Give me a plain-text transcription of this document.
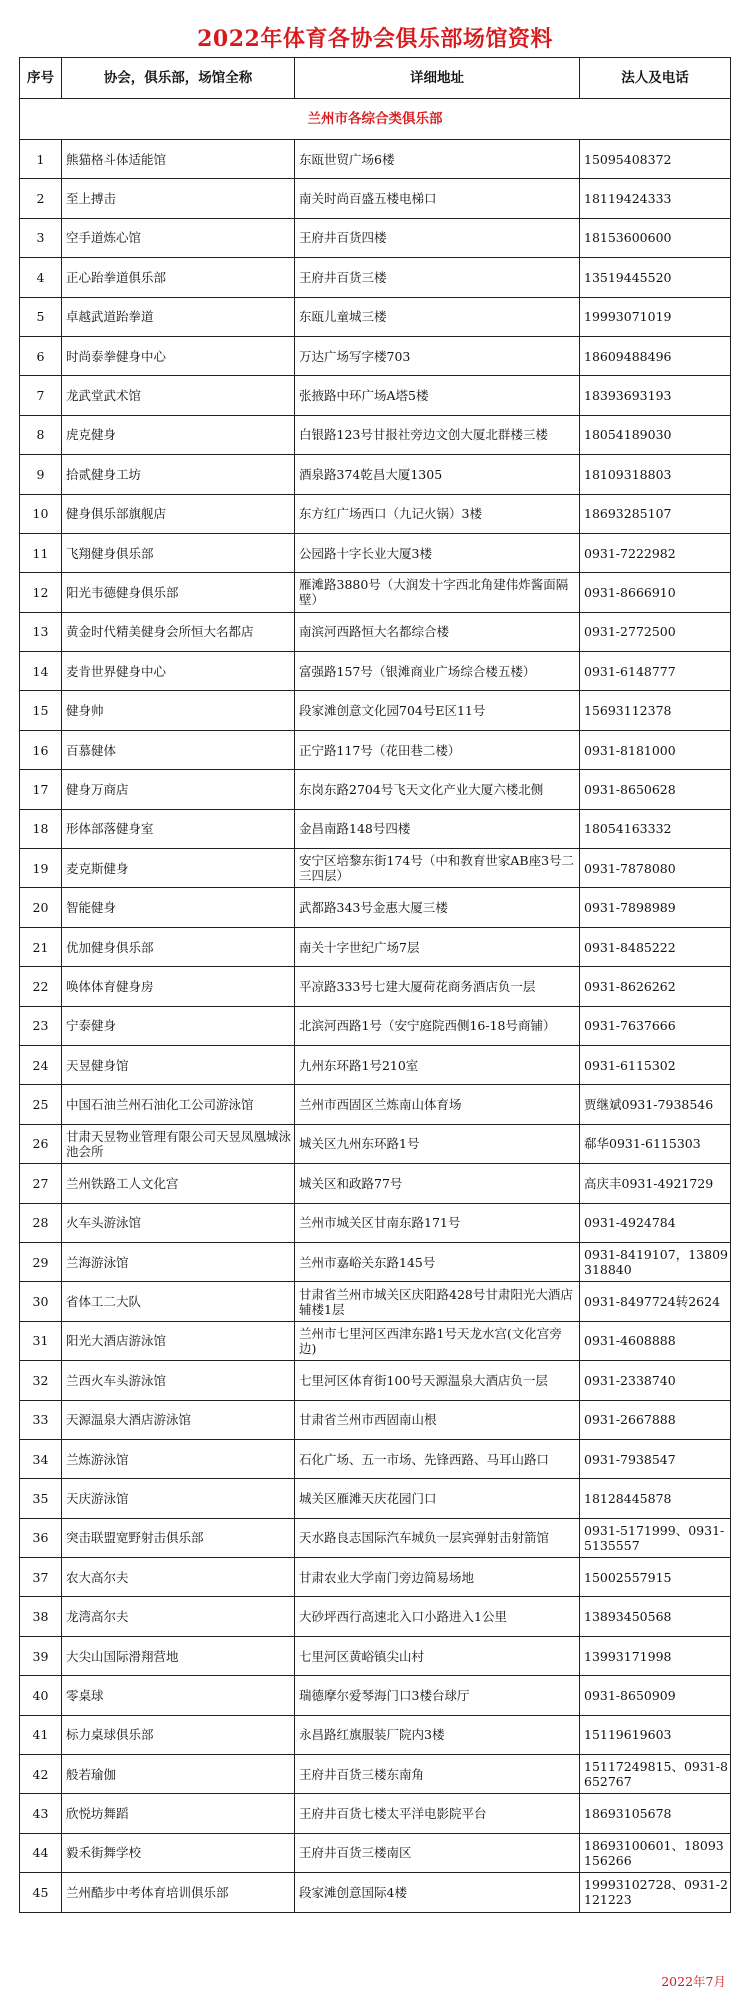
2022年体育各协会俱乐部场馆资料
序号	协会，俱乐部，场馆全称	详细地址	法人及电话
兰州市各综合类俱乐部			
1	熊猫格斗体适能馆	东瓯世贸广场6楼	15095408372
2	至上搏击	南关时尚百盛五楼电梯口	18119424333
3	空手道炼心馆	王府井百货四楼	18153600600
4	正心跆拳道俱乐部	王府井百货三楼	13519445520
5	卓越武道跆拳道	东瓯儿童城三楼	19993071019
6	时尚泰拳健身中心	万达广场写字楼703	18609488496
7	龙武堂武术馆	张掖路中环广场A塔5楼	18393693193
8	虎克健身	白银路123号甘报社旁边文创大厦北群楼三楼	18054189030
9	拾贰健身工坊	酒泉路374乾昌大厦1305	18109318803
10	健身俱乐部旗舰店	东方红广场西口（九记火锅）3楼	18693285107
11	飞翔健身俱乐部	公园路十字长业大厦3楼	0931-7222982
12	阳光韦德健身俱乐部	雁滩路3880号（大润发十字西北角建伟炸酱面隔壁）	0931-8666910
13	黄金时代精美健身会所恒大名都店	南滨河西路恒大名都综合楼	0931-2772500
14	麦肯世界健身中心	富强路157号（银滩商业广场综合楼五楼）	0931-6148777
15	健身帅	段家滩创意文化园704号E区11号	15693112378
16	百慕健体	正宁路117号（花田巷二楼）	0931-8181000
17	健身万商店	东岗东路2704号飞天文化产业大厦六楼北侧	0931-8650628
18	形体部落健身室	金昌南路148号四楼	18054163332
19	麦克斯健身	安宁区培黎东街174号（中和教育世家AB座3号二三四层）	0931-7878080
20	智能健身	武都路343号金惠大厦三楼	0931-7898989
21	优加健身俱乐部	南关十字世纪广场7层	0931-8485222
22	唤体体育健身房	平凉路333号七建大厦荷花商务酒店负一层	0931-8626262
23	宁泰健身	北滨河西路1号（安宁庭院西侧16-18号商铺）	0931-7637666
24	天昱健身馆	九州东环路1号210室	0931-6115302
25	中国石油兰州石油化工公司游泳馆	兰州市西固区兰炼南山体育场	贾继斌0931-7938546
26	甘肃天昱物业管理有限公司天昱凤凰城泳池会所	城关区九州东环路1号	郗华0931-6115303
27	兰州铁路工人文化宫	城关区和政路77号	高庆丰0931-4921729
28	火车头游泳馆	兰州市城关区甘南东路171号	0931-4924784
29	兰海游泳馆	兰州市嘉峪关东路145号	0931-8419107，13809318840
30	省体工二大队	甘肃省兰州市城关区庆阳路428号甘肃阳光大酒店辅楼1层	0931-8497724转2624
31	阳光大酒店游泳馆	兰州市七里河区西津东路1号天龙水宫(文化宫旁边)	0931-4608888
32	兰西火车头游泳馆	七里河区体育街100号天源温泉大酒店负一层	0931-2338740
33	天源温泉大酒店游泳馆	甘肃省兰州市西固南山根	0931-2667888
34	兰炼游泳馆	石化广场、五一市场、先锋西路、马耳山路口	0931-7938547
35	天庆游泳馆	城关区雁滩天庆花园门口	18128445878
36	突击联盟宽野射击俱乐部	天水路良志国际汽车城负一层宾弹射击射箭馆	0931-5171999、0931-5135557
37	农大高尔夫	甘肃农业大学南门旁边简易场地	15002557915
38	龙湾高尔夫	大砂坪西行高速北入口小路进入1公里	13893450568
39	大尖山国际滑翔营地	七里河区黄峪镇尖山村	13993171998
40	零桌球	瑞德摩尔爱琴海门口3楼台球厅	0931-8650909
41	标力桌球俱乐部	永昌路红旗服装厂院内3楼	15119619603
42	般若瑜伽	王府井百货三楼东南角	15117249815、0931-8652767
43	欣悦坊舞蹈	王府井百货七楼太平洋电影院平台	18693105678
44	毅禾街舞学校	王府井百货三楼南区	18693100601、18093156266
45	兰州酷步中考体育培训俱乐部	段家滩创意国际4楼	19993102728、0931-2121223
2022年7月
